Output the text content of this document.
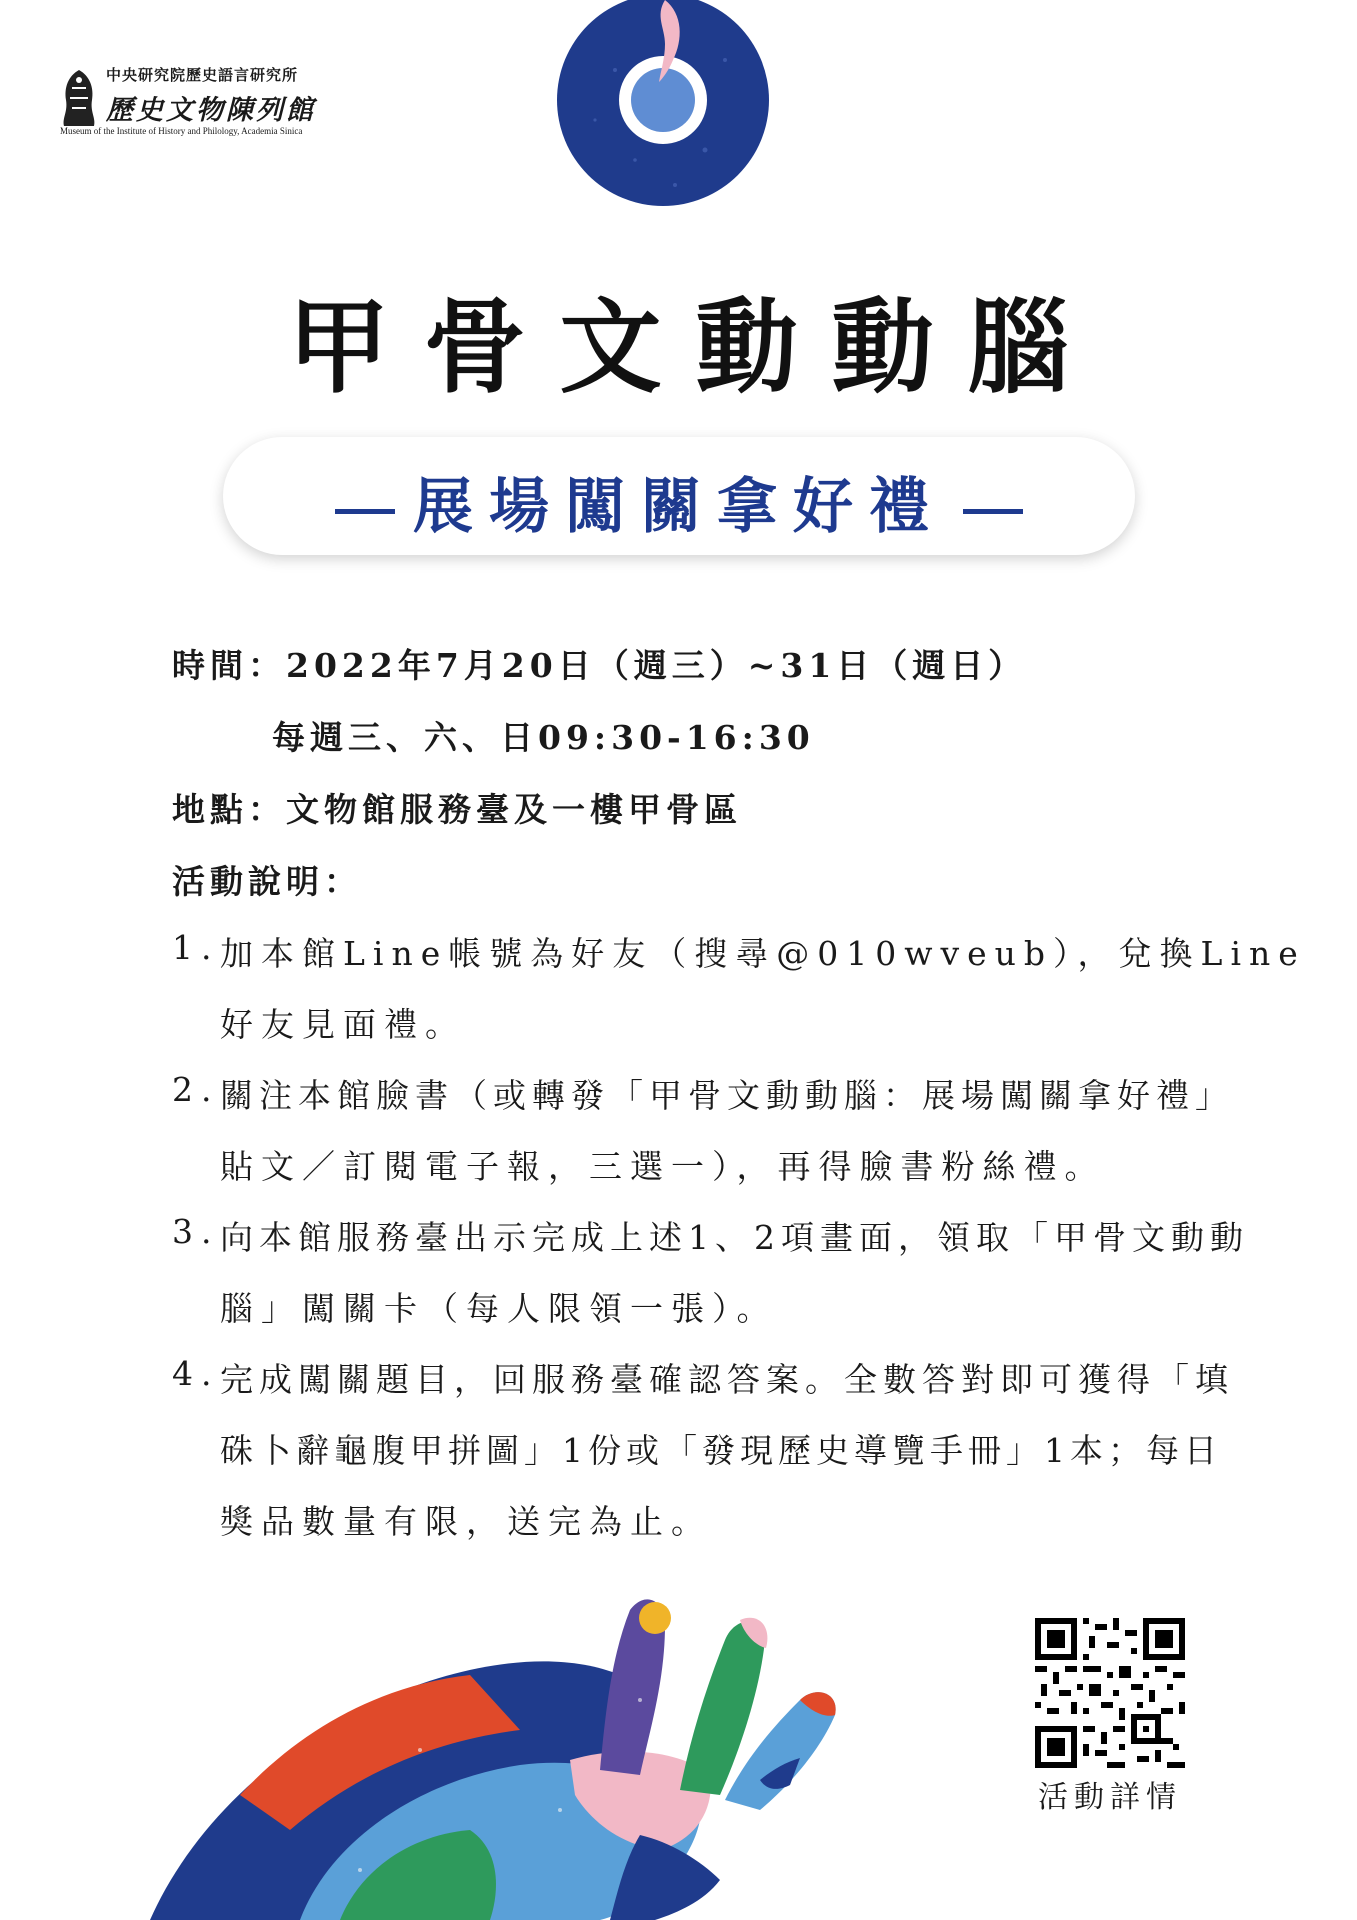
中央研究院歷史語言研究所
歷史文物陳列館
Museum of the Institute of History and Philology, Academia Sinica
甲骨文動動腦
展場闖關拿好禮
時間：2022年7月20日（週三）~31日（週日）
每週三、六、日09:30-16:30
地點：文物館服務臺及一樓甲骨區
活動說明：
1. 加本館Line帳號為好友（搜尋@010wveub），兌換Line
好友見面禮。
2. 關注本館臉書（或轉發「甲骨文動動腦：展場闖關拿好禮」
貼文／訂閱電子報，三選一），再得臉書粉絲禮。
3. 向本館服務臺出示完成上述1、2項畫面，領取「甲骨文動動
腦」闖關卡（每人限領一張）。
4. 完成闖關題目，回服務臺確認答案。全數答對即可獲得「填
硃卜辭龜腹甲拼圖」1份或「發現歷史導覽手冊」1本；每日
獎品數量有限，送完為止。
活動詳情
